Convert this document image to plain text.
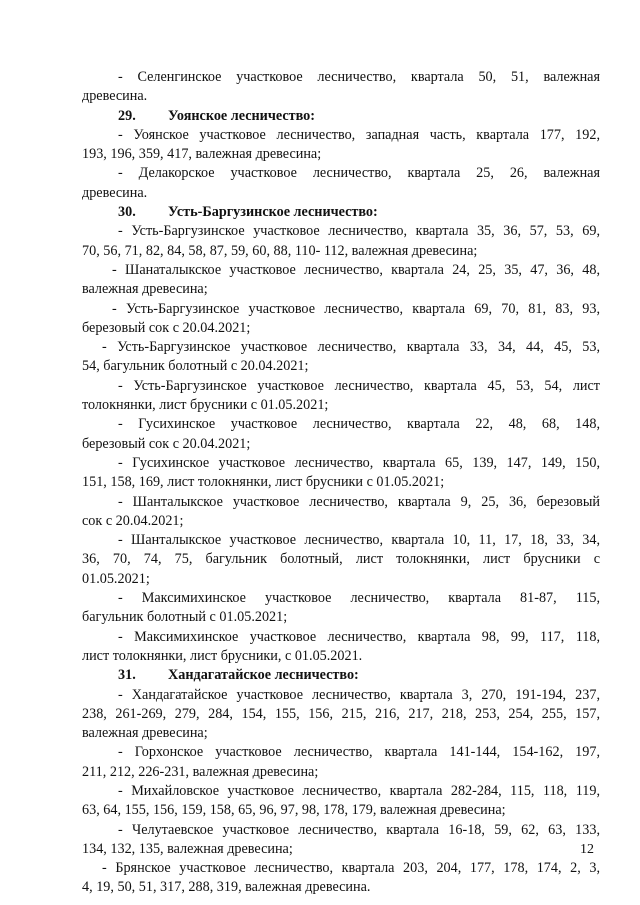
- Селенгинское участковое лесничество, квартала 50, 51, валежная
древесина.
29. Уоянское лесничество:
- Уоянское участковое лесничество, западная часть, квартала 177, 192,
193, 196, 359, 417, валежная древесина;
- Делакорское участковое лесничество, квартала 25, 26, валежная
древесина.
30. Усть-Баргузинское лесничество:
- Усть-Баргузинское участковое лесничество, квартала 35, 36, 57, 53, 69,
70, 56, 71, 82, 84, 58, 87, 59, 60, 88, 110- 112, валежная древесина;
- Шанаталыкское участковое лесничество, квартала 24, 25, 35, 47, 36, 48,
валежная древесина;
- Усть-Баргузинское участковое лесничество, квартала 69, 70, 81, 83, 93,
березовый сок с 20.04.2021;
- Усть-Баргузинское участковое лесничество, квартала 33, 34, 44, 45, 53,
54, багульник болотный с 20.04.2021;
- Усть-Баргузинское участковое лесничество, квартала 45, 53, 54, лист
толокнянки, лист брусники с 01.05.2021;
- Гусихинское участковое лесничество, квартала 22, 48, 68, 148,
березовый сок с 20.04.2021;
- Гусихинское участковое лесничество, квартала 65, 139, 147, 149, 150,
151, 158, 169, лист толокнянки, лист брусники с 01.05.2021;
- Шанталыкское участковое лесничество, квартала 9, 25, 36, березовый
сок с 20.04.2021;
- Шанталыкское участковое лесничество, квартала 10, 11, 17, 18, 33, 34,
36, 70, 74, 75, багульник болотный, лист толокнянки, лист брусники с
01.05.2021;
- Максимихинское участковое лесничество, квартала 81-87, 115,
багульник болотный с 01.05.2021;
- Максимихинское участковое лесничество, квартала 98, 99, 117, 118,
лист толокнянки, лист брусники, с 01.05.2021.
31. Хандагатайское лесничество:
- Хандагатайское участковое лесничество, квартала 3, 270, 191-194, 237,
238, 261-269, 279, 284, 154, 155, 156, 215, 216, 217, 218, 253, 254, 255, 157,
валежная древесина;
- Горхонское участковое лесничество, квартала 141-144, 154-162, 197,
211, 212, 226-231, валежная древесина;
- Михайловское участковое лесничество, квартала 282-284, 115, 118, 119,
63, 64, 155, 156, 159, 158, 65, 96, 97, 98, 178, 179, валежная древесина;
- Челутаевское участковое лесничество, квартала 16-18, 59, 62, 63, 133,
134, 132, 135, валежная древесина;
- Брянское участковое лесничество, квартала 203, 204, 177, 178, 174, 2, 3,
4, 19, 50, 51, 317, 288, 319, валежная древесина.
12
